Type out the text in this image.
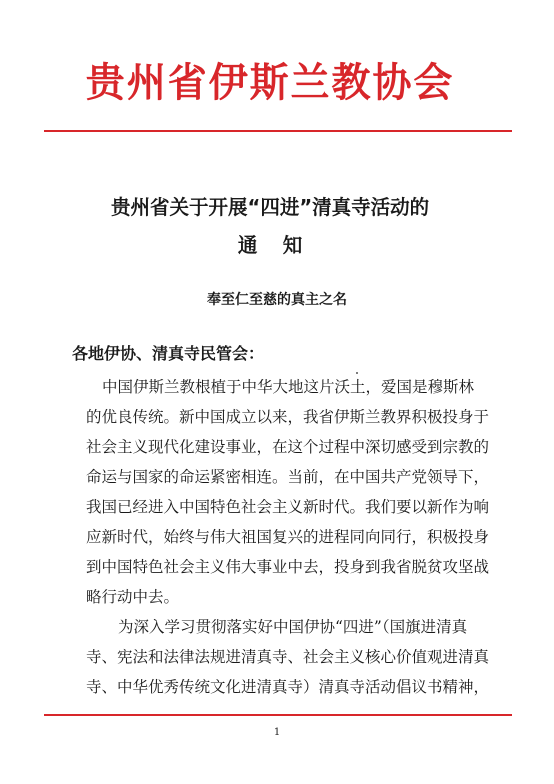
贵州省伊斯兰教协会
贵州省关于开展“四进”清真寺活动的
通知
奉至仁至慈的真主之名
各地伊协、清真寺民管会：
中国伊斯兰教根植于中华大地这片沃土，爱国是穆斯林
的优良传统。新中国成立以来，我省伊斯兰教界积极投身于
社会主义现代化建设事业，在这个过程中深切感受到宗教的
命运与国家的命运紧密相连。当前，在中国共产党领导下，
我国已经进入中国特色社会主义新时代。我们要以新作为响
应新时代，始终与伟大祖国复兴的进程同向同行，积极投身
到中国特色社会主义伟大事业中去，投身到我省脱贫攻坚战
略行动中去。
为深入学习贯彻落实好中国伊协“四进”（国旗进清真
寺、宪法和法律法规进清真寺、社会主义核心价值观进清真
寺、中华优秀传统文化进清真寺）清真寺活动倡议书精神，
1
